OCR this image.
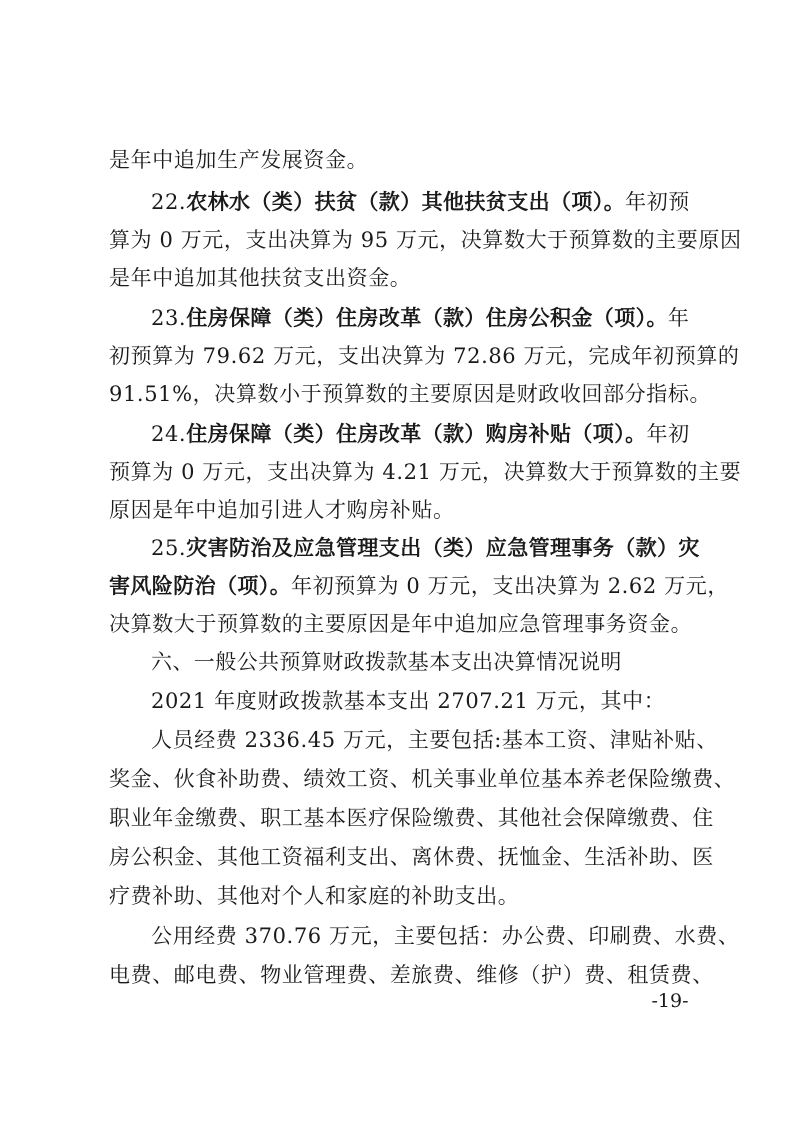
是年中追加生产发展资金。
22.农林水（类）扶贫（款）其他扶贫支出（项）。年初预
算为 0 万元，支出决算为 95 万元，决算数大于预算数的主要原因
是年中追加其他扶贫支出资金。
23.住房保障（类）住房改革（款）住房公积金（项）。年
初预算为 79.62 万元，支出决算为 72.86 万元，完成年初预算的
91.51%，决算数小于预算数的主要原因是财政收回部分指标。
24.住房保障（类）住房改革（款）购房补贴（项）。年初
预算为 0 万元，支出决算为 4.21 万元，决算数大于预算数的主要
原因是年中追加引进人才购房补贴。
25.灾害防治及应急管理支出（类）应急管理事务（款）灾
害风险防治（项）。年初预算为 0 万元，支出决算为 2.62 万元，
决算数大于预算数的主要原因是年中追加应急管理事务资金。
六、一般公共预算财政拨款基本支出决算情况说明
2021 年度财政拨款基本支出 2707.21 万元，其中：
人员经费 2336.45 万元，主要包括:基本工资、津贴补贴、
奖金、伙食补助费、绩效工资、机关事业单位基本养老保险缴费、
职业年金缴费、职工基本医疗保险缴费、其他社会保障缴费、住
房公积金、其他工资福利支出、离休费、抚恤金、生活补助、医
疗费补助、其他对个人和家庭的补助支出。
公用经费 370.76 万元，主要包括：办公费、印刷费、水费、
电费、邮电费、物业管理费、差旅费、维修（护）费、租赁费、
-19-
